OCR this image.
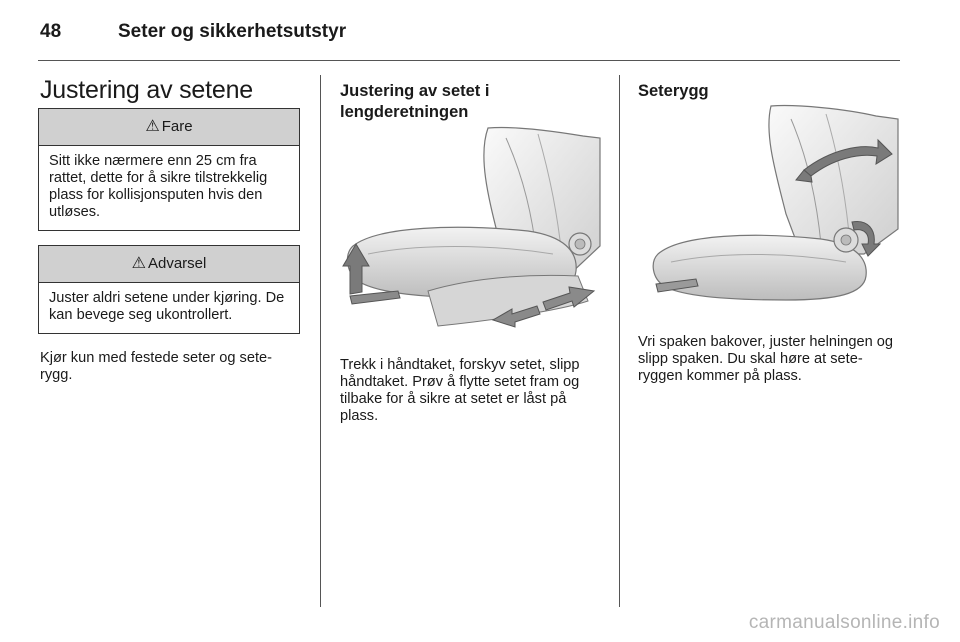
48	Seter og sikkerhetsutstyr
Justering av setene
⚠ Fare
Sitt ikke nærmere enn 25 cm fra rattet, dette for å sikre tilstrekkelig plass for kollisjonsputen hvis den utløses.
⚠ Advarsel
Juster aldri setene under kjøring. De kan bevege seg ukontrollert.
Kjør kun med festede seter og sete-rygg.
Justering av setet i lengderetningen
Trekk i håndtaket, forskyv setet, slipp håndtaket. Prøv å flytte setet fram og tilbake for å sikre at setet er låst på plass.
Seterygg
Vri spaken bakover, juster helningen og slipp spaken. Du skal høre at sete-ryggen kommer på plass.
carmanualsonline.info
